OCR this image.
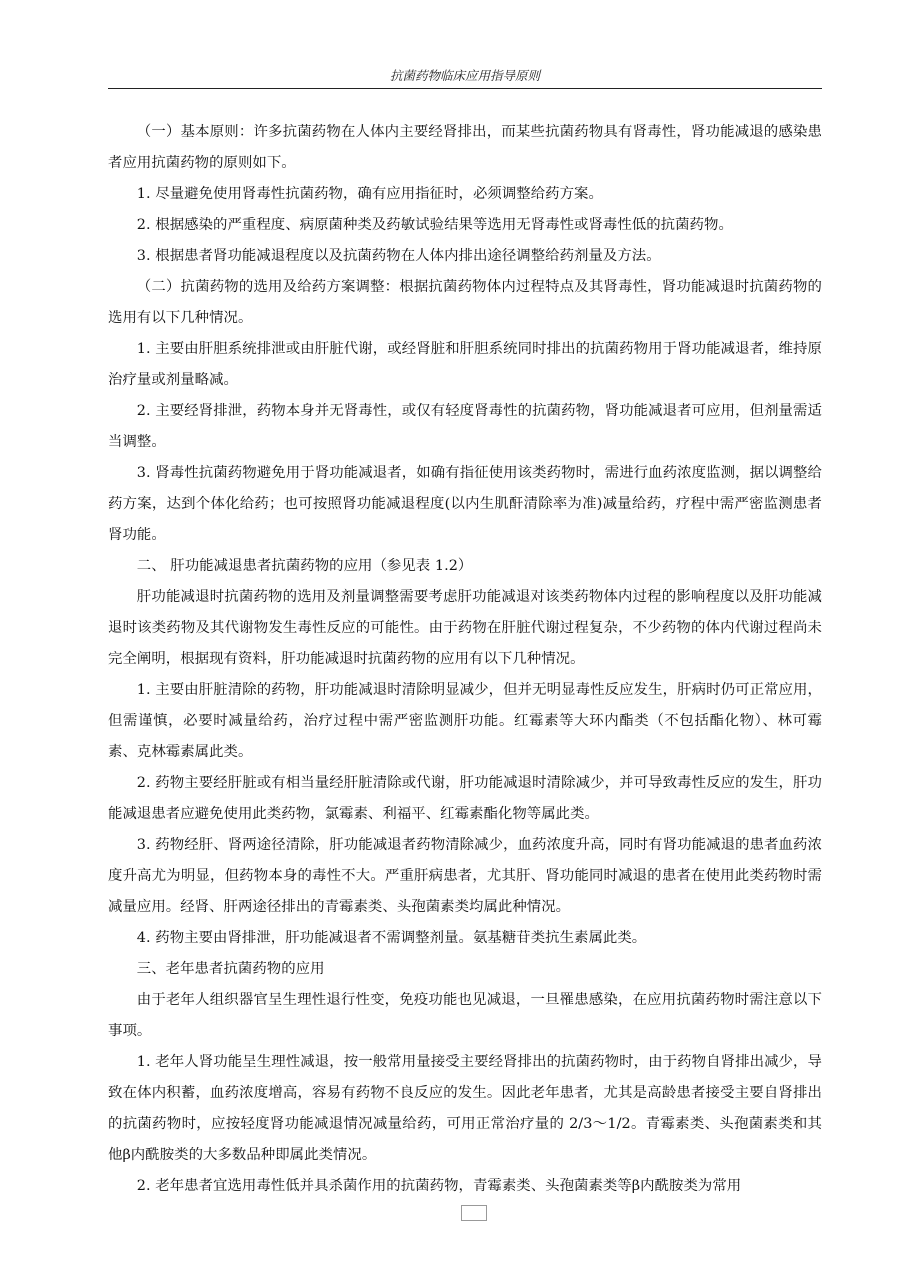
抗菌药物临床应用指导原则

（一）基本原则：许多抗菌药物在人体内主要经肾排出，而某些抗菌药物具有肾毒性，肾功能减退的感染患者应用抗菌药物的原则如下。

1. 尽量避免使用肾毒性抗菌药物，确有应用指征时，必须调整给药方案。

2. 根据感染的严重程度、病原菌种类及药敏试验结果等选用无肾毒性或肾毒性低的抗菌药物。

3. 根据患者肾功能减退程度以及抗菌药物在人体内排出途径调整给药剂量及方法。

（二）抗菌药物的选用及给药方案调整：根据抗菌药物体内过程特点及其肾毒性，肾功能减退时抗菌药物的选用有以下几种情况。

1. 主要由肝胆系统排泄或由肝脏代谢，或经肾脏和肝胆系统同时排出的抗菌药物用于肾功能减退者，维持原治疗量或剂量略减。

2. 主要经肾排泄，药物本身并无肾毒性，或仅有轻度肾毒性的抗菌药物，肾功能减退者可应用，但剂量需适当调整。

3. 肾毒性抗菌药物避免用于肾功能减退者，如确有指征使用该类药物时，需进行血药浓度监测，据以调整给药方案，达到个体化给药；也可按照肾功能减退程度(以内生肌酐清除率为准)减量给药，疗程中需严密监测患者肾功能。

二、 肝功能减退患者抗菌药物的应用（参见表 1.2）

肝功能减退时抗菌药物的选用及剂量调整需要考虑肝功能减退对该类药物体内过程的影响程度以及肝功能减退时该类药物及其代谢物发生毒性反应的可能性。由于药物在肝脏代谢过程复杂，不少药物的体内代谢过程尚未完全阐明，根据现有资料，肝功能减退时抗菌药物的应用有以下几种情况。

1. 主要由肝脏清除的药物，肝功能减退时清除明显减少，但并无明显毒性反应发生，肝病时仍可正常应用，但需谨慎，必要时减量给药，治疗过程中需严密监测肝功能。红霉素等大环内酯类（不包括酯化物）、林可霉素、克林霉素属此类。

2. 药物主要经肝脏或有相当量经肝脏清除或代谢，肝功能减退时清除减少，并可导致毒性反应的发生，肝功能减退患者应避免使用此类药物，氯霉素、利福平、红霉素酯化物等属此类。

3. 药物经肝、肾两途径清除，肝功能减退者药物清除减少，血药浓度升高，同时有肾功能减退的患者血药浓度升高尤为明显，但药物本身的毒性不大。严重肝病患者，尤其肝、肾功能同时减退的患者在使用此类药物时需减量应用。经肾、肝两途径排出的青霉素类、头孢菌素类均属此种情况。

4. 药物主要由肾排泄，肝功能减退者不需调整剂量。氨基糖苷类抗生素属此类。

三、老年患者抗菌药物的应用

由于老年人组织器官呈生理性退行性变，免疫功能也见减退，一旦罹患感染，在应用抗菌药物时需注意以下事项。

1. 老年人肾功能呈生理性减退，按一般常用量接受主要经肾排出的抗菌药物时，由于药物自肾排出减少，导致在体内积蓄，血药浓度增高，容易有药物不良反应的发生。因此老年患者，尤其是高龄患者接受主要自肾排出的抗菌药物时，应按轻度肾功能减退情况减量给药，可用正常治疗量的 2/3～1/2。青霉素类、头孢菌素类和其他β内酰胺类的大多数品种即属此类情况。

2. 老年患者宜选用毒性低并具杀菌作用的抗菌药物，青霉素类、头孢菌素类等β内酰胺类为常用
